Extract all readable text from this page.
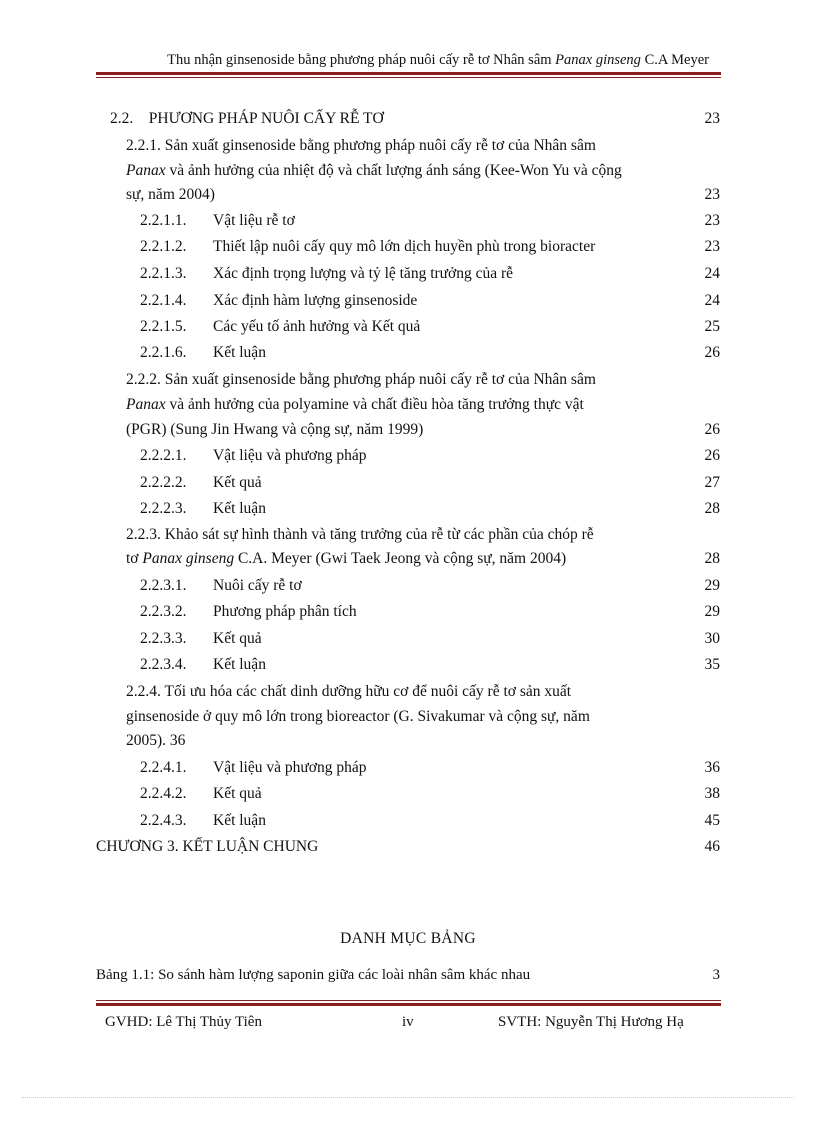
Thu nhận ginsenoside bằng phương pháp nuôi cấy rễ tơ Nhân sâm Panax ginseng C.A Meyer
2.2. PHƯƠNG PHÁP NUÔI CẤY RỄ TƠ	23
2.2.1. Sản xuất ginsenoside bằng phương pháp nuôi cấy rễ tơ của Nhân sâm
Panax và ảnh hưởng của nhiệt độ và chất lượng ánh sáng (Kee-Won Yu và cộng
sự, năm 2004)	23
2.2.1.1. Vật liệu rễ tơ	23
2.2.1.2. Thiết lập nuôi cấy quy mô lớn dịch huyền phù trong bioracter	23
2.2.1.3. Xác định trọng lượng và tỷ lệ tăng trưởng của rễ	24
2.2.1.4. Xác định hàm lượng ginsenoside	24
2.2.1.5. Các yếu tố ảnh hưởng và Kết quả	25
2.2.1.6. Kết luận	26
2.2.2. Sản xuất ginsenoside bằng phương pháp nuôi cấy rễ tơ của Nhân sâm
Panax và ảnh hưởng của polyamine và chất điều hòa tăng trưởng thực vật
(PGR) (Sung Jin Hwang và cộng sự, năm 1999)	26
2.2.2.1. Vật liệu và phương pháp	26
2.2.2.2. Kết quả	27
2.2.2.3. Kết luận	28
2.2.3. Khảo sát sự hình thành và tăng trưởng của rễ từ các phần của chóp rễ
tơ Panax ginseng C.A. Meyer (Gwi Taek Jeong và cộng sự, năm 2004)	28
2.2.3.1. Nuôi cấy rễ tơ	29
2.2.3.2. Phương pháp phân tích	29
2.2.3.3. Kết quả	30
2.2.3.4. Kết luận	35
2.2.4. Tối ưu hóa các chất dinh dưỡng hữu cơ để nuôi cấy rễ tơ sản xuất
ginsenoside ở quy mô lớn trong bioreactor (G. Sivakumar và cộng sự, năm
2005). 36
2.2.4.1. Vật liệu và phương pháp	36
2.2.4.2. Kết quả	38
2.2.4.3. Kết luận	45
CHƯƠNG 3. KẾT LUẬN CHUNG	46
DANH MỤC BẢNG
Bảng 1.1: So sánh hàm lượng saponin giữa các loài nhân sâm khác nhau	3
GVHD: Lê Thị Thủy Tiên	iv	SVTH: Nguyễn Thị Hương Hạ
